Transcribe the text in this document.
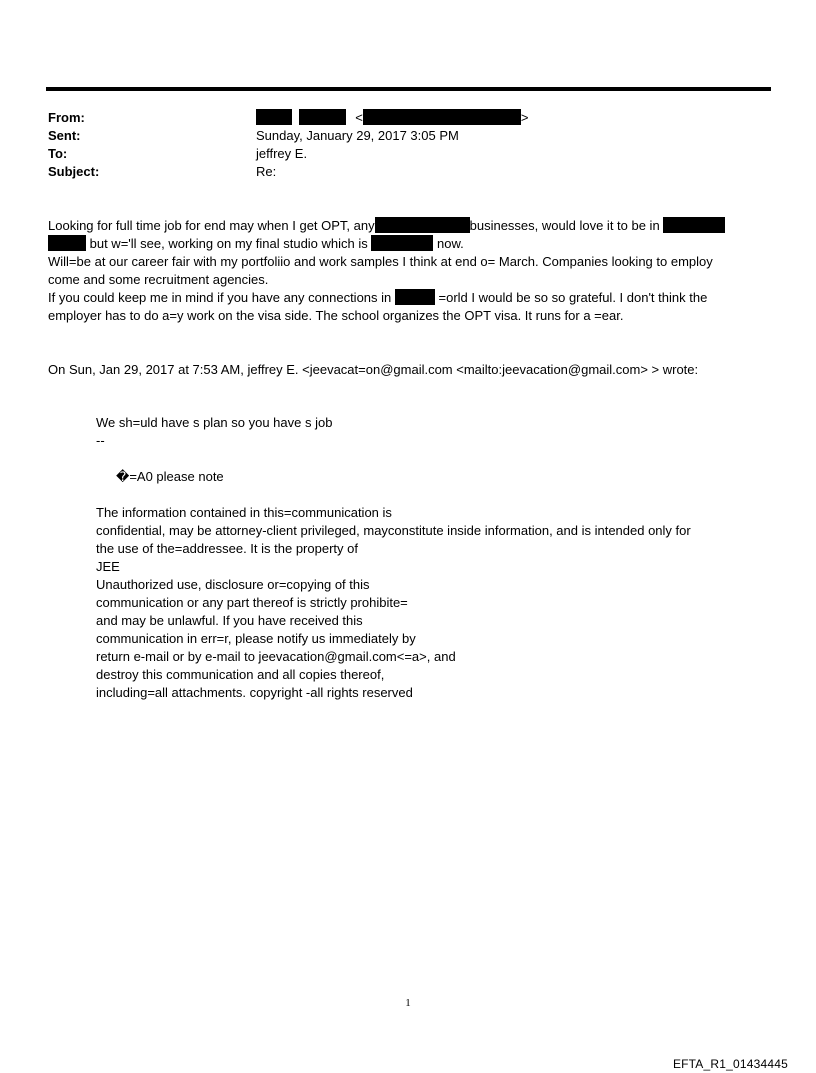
From:	<	>
Sent:	Sunday, January 29, 2017 3:05 PM
To:	jeffrey E.
Subject:	Re:
Looking for full time job for end may when I get OPT, any	businesses, would love it to be in
but w='ll see, working on my final studio which is	now.
Will=be at our career fair with my portfoliio and work samples I think at end o= March. Companies looking to employ
come and some recruitment agencies.
If you could keep me in mind if you have any connections in	=orld I would be so so grateful. I don't think the
employer has to do a=y work on the visa side. The school organizes the OPT visa. It runs for a =ear.
On Sun, Jan 29, 2017 at 7:53 AM, jeffrey E. <jeevacat=on@gmail.com <mailto:jeevacation@gmail.com> > wrote:
We sh=uld have s plan so you have s job
--
�=A0 please note
The information contained in this=communication is
confidential, may be attorney-client privileged, mayconstitute inside information, and is intended only for
the use of the=addressee. It is the property of
JEE
Unauthorized use, disclosure or=copying of this
communication or any part thereof is strictly prohibite=
and may be unlawful. If you have received this
communication in err=r, please notify us immediately by
return e-mail or by e-mail to jeevacation@gmail.com<=a>, and
destroy this communication and all copies thereof,
including=all attachments. copyright -all rights reserved
1
EFTA_R1_01434445
